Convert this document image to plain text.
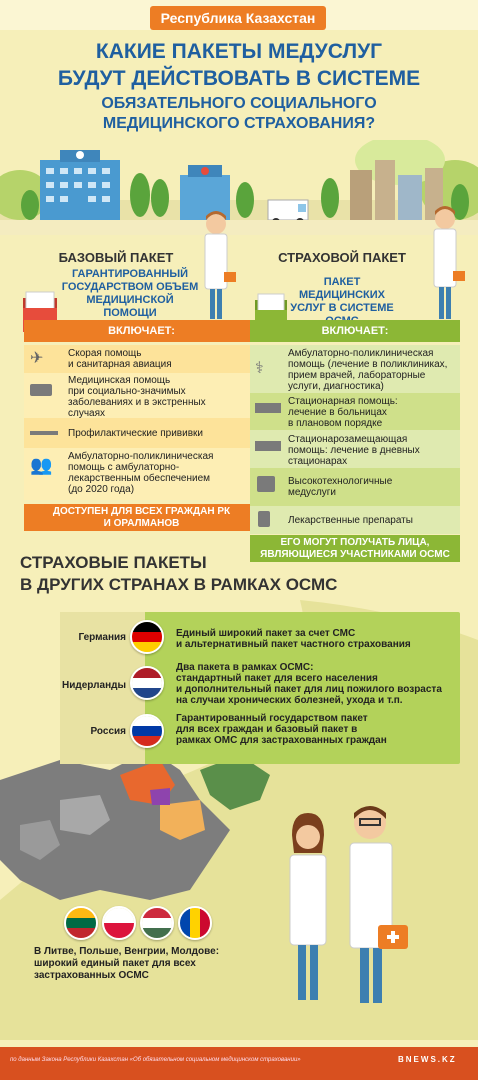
Республика Казахстан
КАКИЕ ПАКЕТЫ МЕДУСЛУГ
БУДУТ ДЕЙСТВОВАТЬ В СИСТЕМЕ
ОБЯЗАТЕЛЬНОГО СОЦИАЛЬНОГО
МЕДИЦИНСКОГО СТРАХОВАНИЯ?
БАЗОВЫЙ ПАКЕТ
ГАРАНТИРОВАННЫЙ
ГОСУДАРСТВОМ ОБЪЕМ
МЕДИЦИНСКОЙ ПОМОЩИ
ВКЛЮЧАЕТ:
✈
👥
Скорая помощь
и санитарная авиация
Медицинская помощь
при социально-значимых
заболеваниях и в экстренных
случаях
Профилактические прививки
Амбулаторно-поликлиническая
помощь с амбулаторно-
лекарственным обеспечением
(до 2020 года)
ДОСТУПЕН ДЛЯ ВСЕХ ГРАЖДАН РК
И ОРАЛМАНОВ
СТРАХОВОЙ ПАКЕТ
ПАКЕТ МЕДИЦИНСКИХ
УСЛУГ В СИСТЕМЕ
ВКЛЮЧАЕТ:
⚕
Амбулаторно-поликлиническая
помощь (лечение в поликлиниках,
прием врачей, лабораторные
услуги, диагностика)
Стационарная помощь:
лечение в больницах
в плановом порядке
Стационарозамещающая
помощь: лечение в дневных
стационарах
Высокотехнологичные
медуслуги
Лекарственные препараты
ЕГО МОГУТ ПОЛУЧАТЬ ЛИЦА,
ЯВЛЯЮЩИЕСЯ УЧАСТНИКАМИ ОСМС
СТРАХОВЫЕ ПАКЕТЫ
В ДРУГИХ СТРАНАХ В РАМКАХ ОСМС
Германия	Единый широкий пакет за счет СМС
и альтернативный пакет частного страхования
Нидерланды
Два пакета в рамках ОСМС:
стандартный пакет для всего населения
и дополнительный пакет для лиц пожилого возраста
на случаи хронических болезней, ухода и т.п.
Россия
Гарантированный государством пакет
для всех граждан и базовый пакет в
рамках ОМС для застрахованных граждан
В Литве, Польше, Венгрии, Молдове:
широкий единый пакет для всех
застрахованных ОСМС
по данным Закона Республики Казахстан «Об обязательном социальном медицинском страховании»	BNEWS.KZ
